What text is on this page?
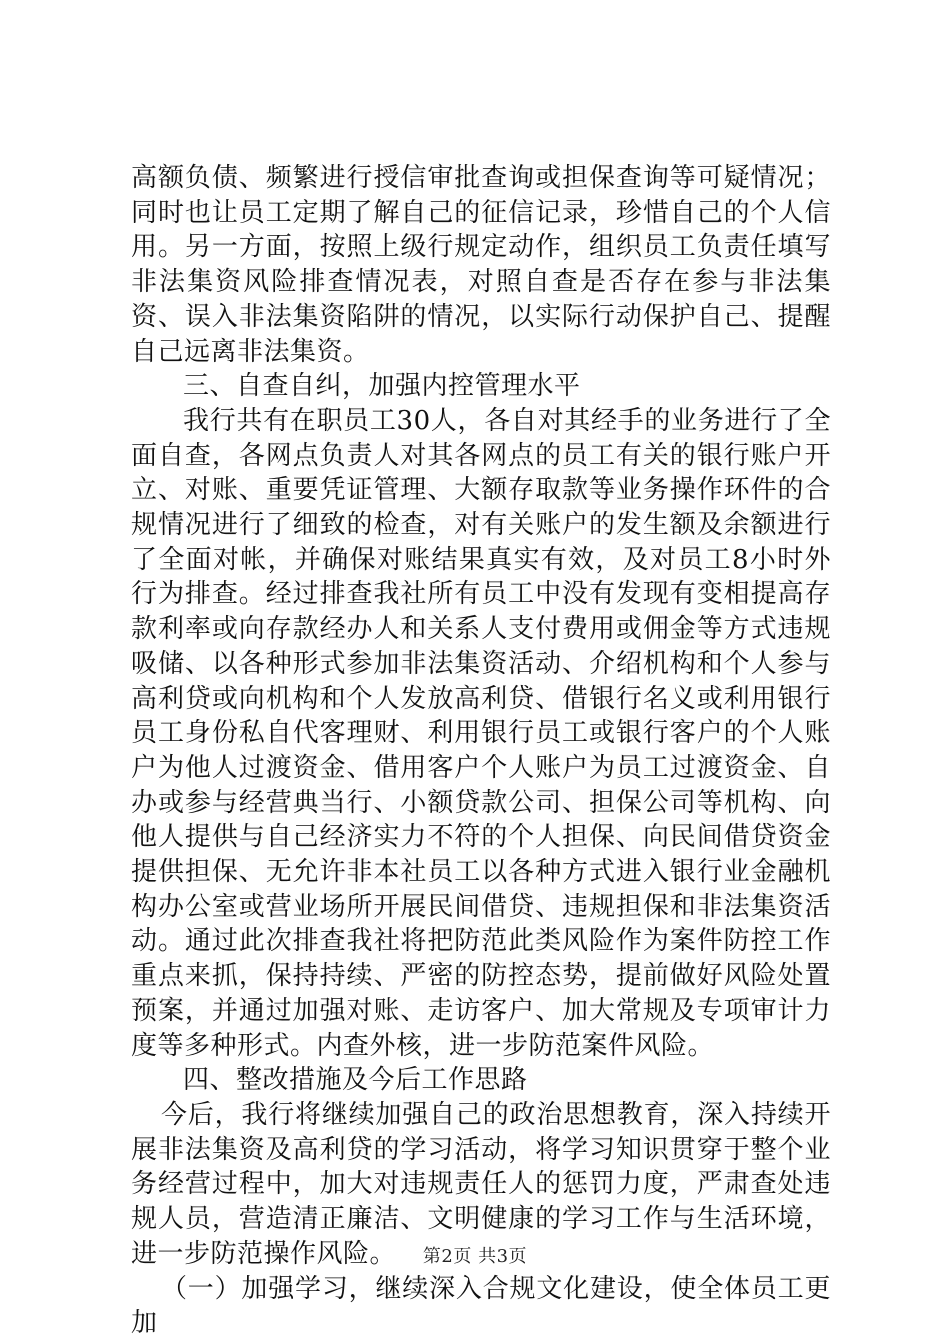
高额负债、频繁进行授信审批查询或担保查询等可疑情况；同时也让员工定期了解自己的征信记录，珍惜自己的个人信用。另一方面，按照上级行规定动作，组织员工负责任填写非法集资风险排查情况表，对照自查是否存在参与非法集资、误入非法集资陷阱的情况，以实际行动保护自己、提醒自己远离非法集资。

三、自查自纠，加强内控管理水平

我行共有在职员工30人，各自对其经手的业务进行了全面自查，各网点负责人对其各网点的员工有关的银行账户开立、对账、重要凭证管理、大额存取款等业务操作环件的合规情况进行了细致的检查，对有关账户的发生额及余额进行了全面对帐，并确保对账结果真实有效，及对员工8小时外行为排查。经过排查我社所有员工中没有发现有变相提高存款利率或向存款经办人和关系人支付费用或佣金等方式违规吸储、以各种形式参加非法集资活动、介绍机构和个人参与高利贷或向机构和个人发放高利贷、借银行名义或利用银行员工身份私自代客理财、利用银行员工或银行客户的个人账户为他人过渡资金、借用客户个人账户为员工过渡资金、自办或参与经营典当行、小额贷款公司、担保公司等机构、向他人提供与自己经济实力不符的个人担保、向民间借贷资金提供担保、无允许非本社员工以各种方式进入银行业金融机构办公室或营业场所开展民间借贷、违规担保和非法集资活动。通过此次排查我社将把防范此类风险作为案件防控工作重点来抓，保持持续、严密的防控态势，提前做好风险处置预案，并通过加强对账、走访客户、加大常规及专项审计力度等多种形式。内查外核，进一步防范案件风险。

四、整改措施及今后工作思路

今后，我行将继续加强自己的政治思想教育，深入持续开展非法集资及高利贷的学习活动，将学习知识贯穿于整个业务经营过程中，加大对违规责任人的惩罚力度，严肃查处违规人员，营造清正廉洁、文明健康的学习工作与生活环境，进一步防范操作风险。

（一）加强学习，继续深入合规文化建设，使全体员工更加

第2页 共3页
